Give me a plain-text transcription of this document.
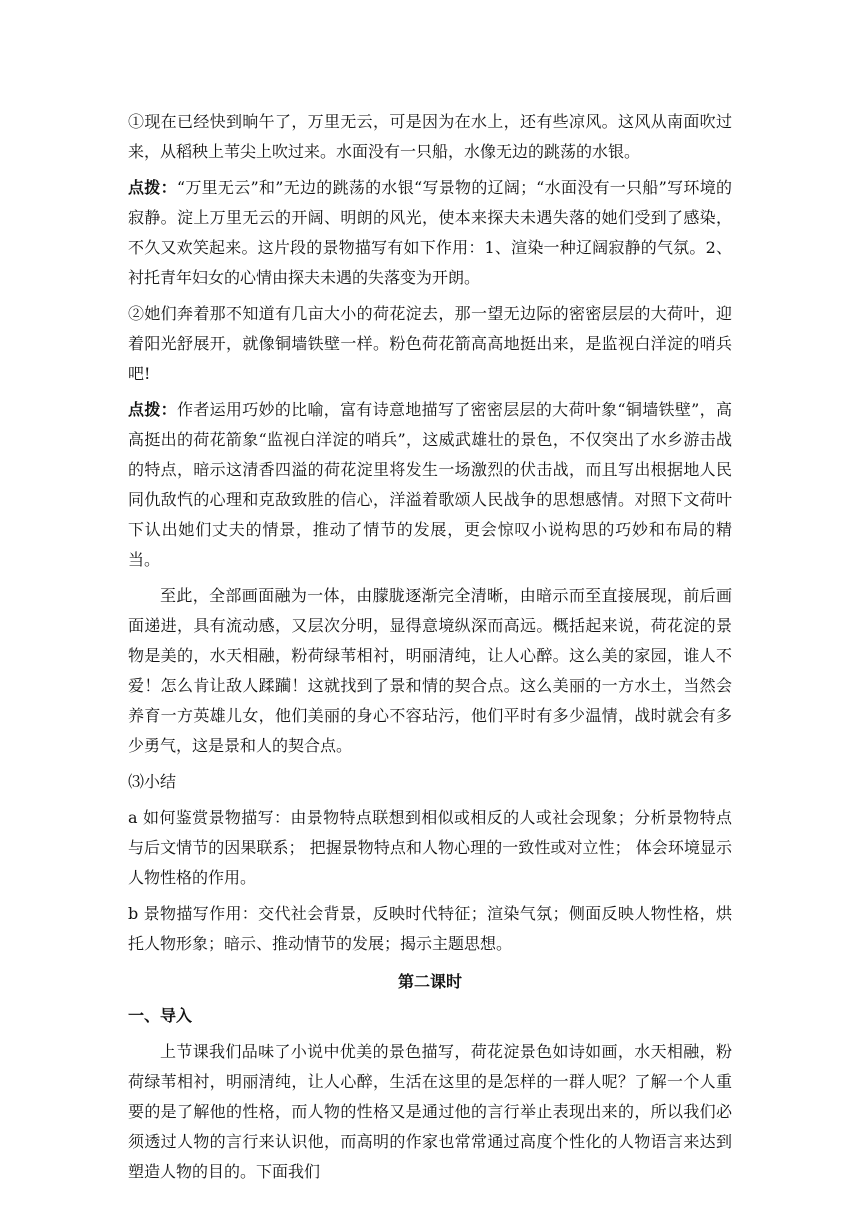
①现在已经快到晌午了，万里无云，可是因为在水上，还有些凉风。这风从南面吹过来，从稻秧上苇尖上吹过来。水面没有一只船，水像无边的跳荡的水银。

点拨：“万里无云”和”无边的跳荡的水银“写景物的辽阔；“水面没有一只船”写环境的寂静。淀上万里无云的开阔、明朗的风光，使本来探夫未遇失落的她们受到了感染，不久又欢笑起来。这片段的景物描写有如下作用：1、渲染一种辽阔寂静的气氛。2、衬托青年妇女的心情由探夫未遇的失落变为开朗。

②她们奔着那不知道有几亩大小的荷花淀去，那一望无边际的密密层层的大荷叶，迎着阳光舒展开，就像铜墙铁壁一样。粉色荷花箭高高地挺出来，是监视白洋淀的哨兵吧!

点拨：作者运用巧妙的比喻，富有诗意地描写了密密层层的大荷叶象“铜墙铁壁”，高高挺出的荷花箭象“监视白洋淀的哨兵”，这威武雄壮的景色，不仅突出了水乡游击战的特点，暗示这清香四溢的荷花淀里将发生一场激烈的伏击战，而且写出根据地人民同仇敌忾的心理和克敌致胜的信心，洋溢着歌颂人民战争的思想感情。对照下文荷叶下认出她们丈夫的情景，推动了情节的发展，更会惊叹小说构思的巧妙和布局的精当。

至此，全部画面融为一体，由朦胧逐渐完全清晰，由暗示而至直接展现，前后画面递进，具有流动感，又层次分明，显得意境纵深而高远。概括起来说，荷花淀的景物是美的，水天相融，粉荷绿苇相衬，明丽清纯，让人心醉。这么美的家园，谁人不爱！怎么肯让敌人蹂躏！这就找到了景和情的契合点。这么美丽的一方水土，当然会养育一方英雄儿女，他们美丽的身心不容玷污，他们平时有多少温情，战时就会有多少勇气，这是景和人的契合点。

⑶小结

a 如何鉴赏景物描写：由景物特点联想到相似或相反的人或社会现象；分析景物特点与后文情节的因果联系； 把握景物特点和人物心理的一致性或对立性； 体会环境显示人物性格的作用。

b 景物描写作用：交代社会背景，反映时代特征；渲染气氛；侧面反映人物性格，烘托人物形象；暗示、推动情节的发展；揭示主题思想。

第二课时
一、导入

上节课我们品味了小说中优美的景色描写，荷花淀景色如诗如画，水天相融，粉荷绿苇相衬，明丽清纯，让人心醉，生活在这里的是怎样的一群人呢？了解一个人重要的是了解他的性格，而人物的性格又是通过他的言行举止表现出来的，所以我们必须透过人物的言行来认识他，而高明的作家也常常通过高度个性化的人物语言来达到塑造人物的目的。下面我们
